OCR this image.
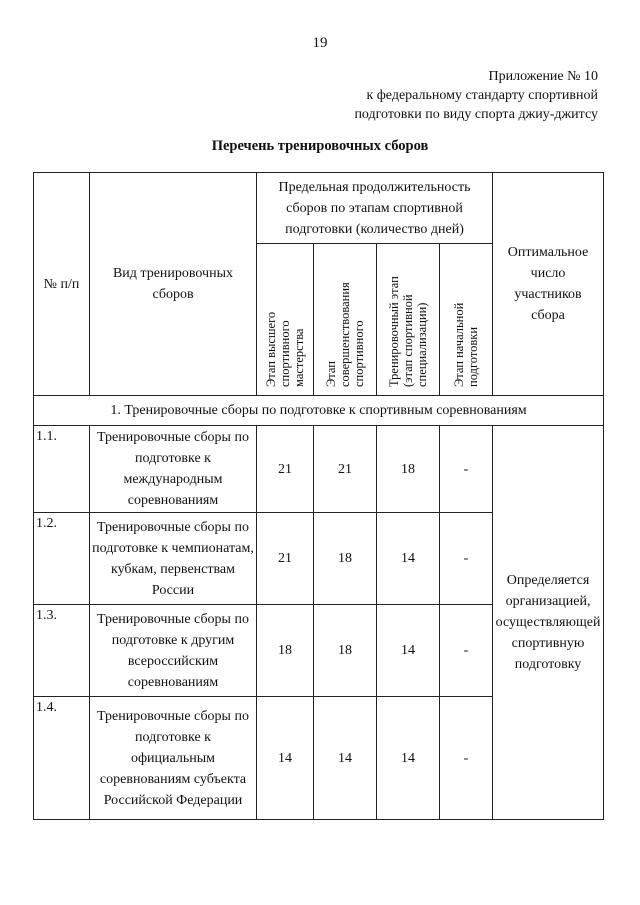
19
Приложение № 10
к федеральному стандарту спортивной
подготовки по виду спорта джиу-джитсу
Перечень тренировочных сборов
№ п/п	Вид тренировочных сборов	Предельная продолжительность сборов по этапам спортивной подготовки (количество дней)				Оптимальное число участников сбора

		Этап высшего
спортивного
мастерства	Этап
совершенствования
спортивного	Тренировочный этап
(этап спортивной
специализации)	Этап начальной
подготовки	

1. Тренировочные сборы по подготовке к спортивным соревнованиям						
1.1.	Тренировочные сборы по подготовке к международным соревнованиям	21	21	18	-	Определяется организацией, осуществляющей спортивную подготовку

1.2.	Тренировочные сборы по подготовке к чемпионатам, кубкам, первенствам России	21	18	14	-	
1.3.	Тренировочные сборы по подготовке к другим всероссийским соревнованиям	18	18	14	-	
1.4.	Тренировочные сборы по подготовке к официальным соревнованиям субъекта Российской Федерации	14	14	14	-	
